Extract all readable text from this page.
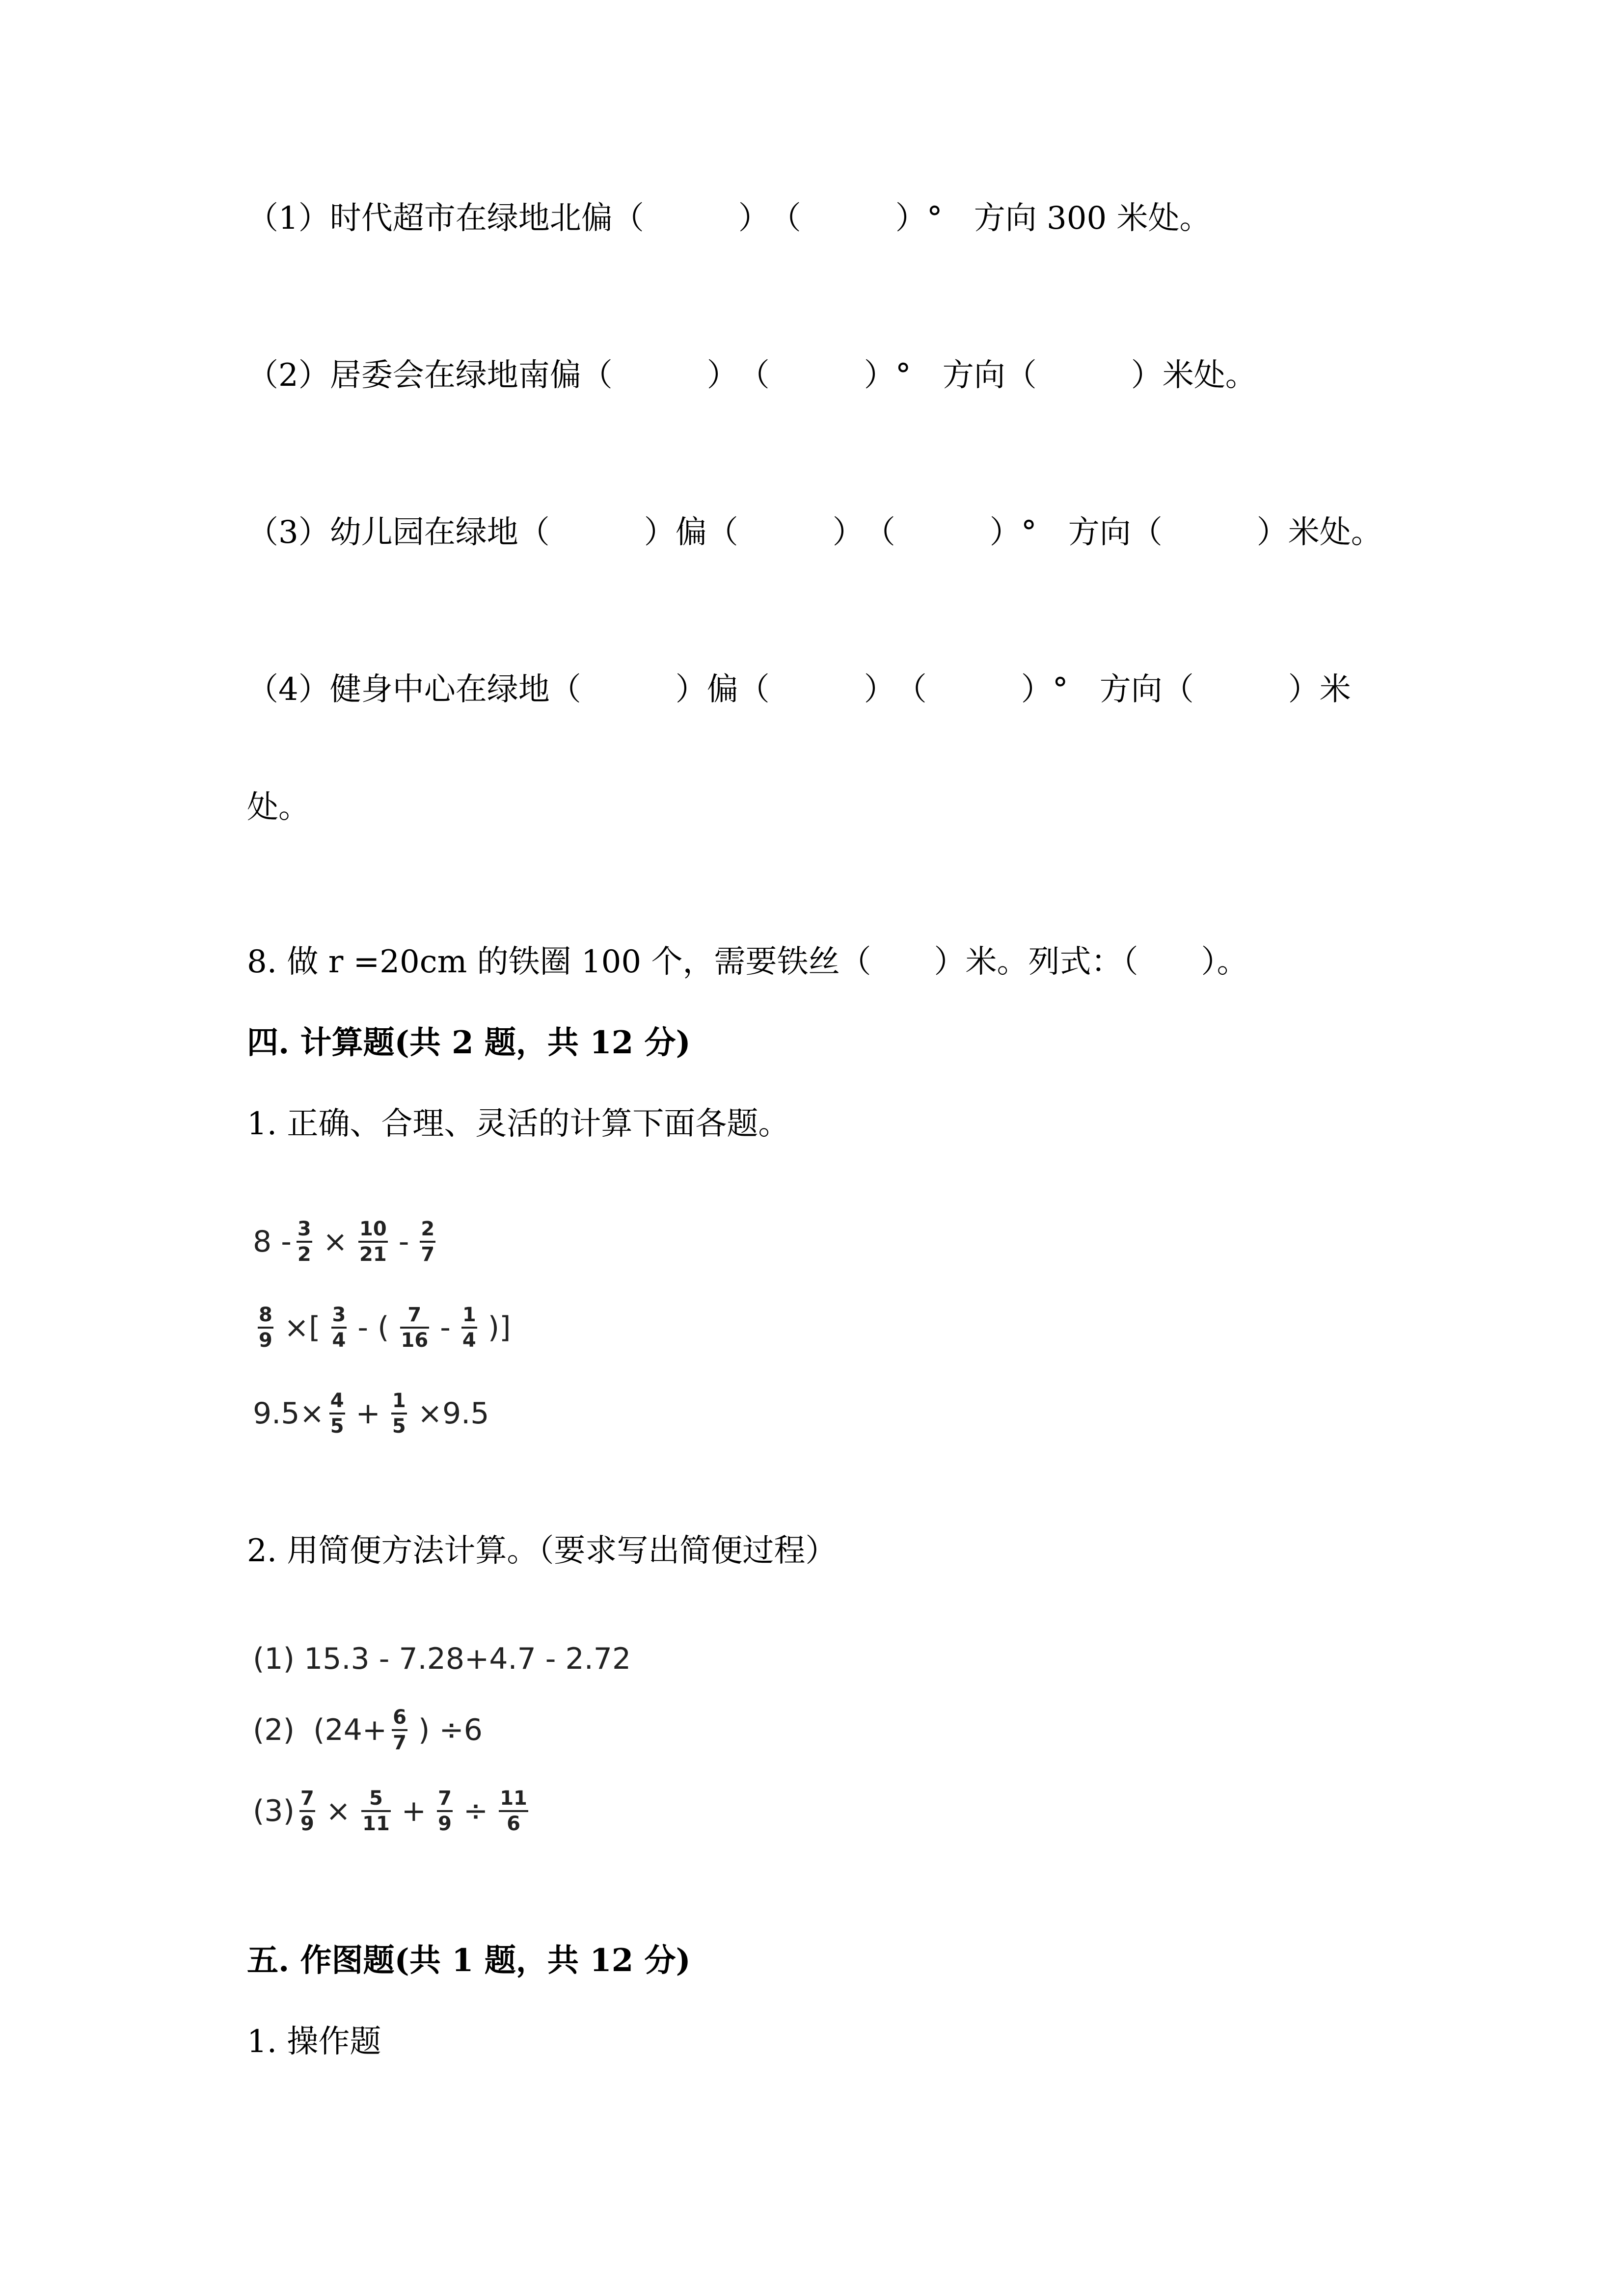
（1）时代超市在绿地北偏（　　　）　（　　　）°　方向 300 米处。
（2）居委会在绿地南偏（　　　）　（　　　）°　方向（　　　）米处。
（3）幼儿园在绿地（　　　）偏（　　　）　（　　　）°　方向（　　　）米处。
（4）健身中心在绿地（　　　）偏（　　　）　（　　　）°　方向（　　　）米
处。
8. 做 r =20cm 的铁圈 100 个，需要铁丝（　　）米。列式：（　　）。
四. 计算题(共 2 题，共 12 分)
1. 正确、合理、灵活的计算下面各题。
$8 - \frac{3}{2} \times \frac{10}{21} - \frac{2}{7}$
$\frac{8}{9}$ ×[ $\frac{3}{4}$ - ( $\frac{7}{16} - \frac{1}{4}$ )]
$9.5\times \frac{4}{5} + \frac{1}{5} \times 9.5$
2. 用简便方法计算。（要求写出简便过程）
(1) 15.3 - 7.28+4.7 - 2.72
(2)  ($24+ \frac{6}{7}$ ) ÷6
$(3) \frac{7}{9} \times \frac{5}{11} + \frac{7}{9} \div \frac{11}{6}$
五. 作图题(共 1 题，共 12 分)
1. 操作题
